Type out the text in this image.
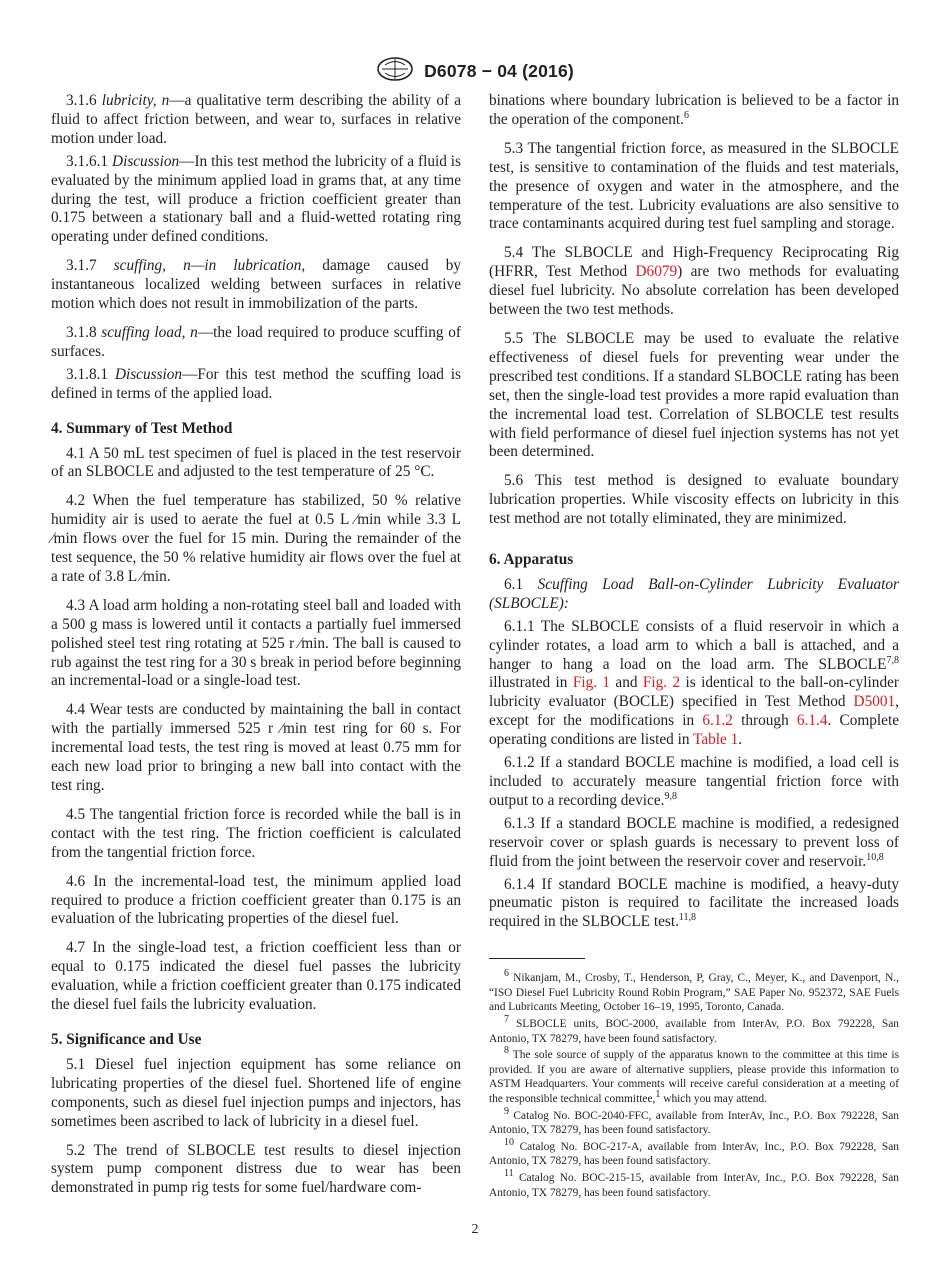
D6078 − 04 (2016)

3.1.6 lubricity, n—a qualitative term describing the ability of a fluid to affect friction between, and wear to, surfaces in relative motion under load.

3.1.6.1 Discussion—In this test method the lubricity of a fluid is evaluated by the minimum applied load in grams that, at any time during the test, will produce a friction coefficient greater than 0.175 between a stationary ball and a fluid-wetted rotating ring operating under defined conditions.

3.1.7 scuffing, n—in lubrication, damage caused by instantaneous localized welding between surfaces in relative motion which does not result in immobilization of the parts.

3.1.8 scuffing load, n—the load required to produce scuffing of surfaces.

3.1.8.1 Discussion—For this test method the scuffing load is defined in terms of the applied load.

4. Summary of Test Method

4.1 A 50 mL test specimen of fuel is placed in the test reservoir of an SLBOCLE and adjusted to the test temperature of 25 °C.

4.2 When the fuel temperature has stabilized, 50 % relative humidity air is used to aerate the fuel at 0.5 L ⁄min while 3.3 L ⁄min flows over the fuel for 15 min. During the remainder of the test sequence, the 50 % relative humidity air flows over the fuel at a rate of 3.8 L ⁄min.

4.3 A load arm holding a non-rotating steel ball and loaded with a 500 g mass is lowered until it contacts a partially fuel immersed polished steel test ring rotating at 525 r ⁄min. The ball is caused to rub against the test ring for a 30 s break in period before beginning an incremental-load or a single-load test.

4.4 Wear tests are conducted by maintaining the ball in contact with the partially immersed 525 r ⁄min test ring for 60 s. For incremental load tests, the test ring is moved at least 0.75 mm for each new load prior to bringing a new ball into contact with the test ring.

4.5 The tangential friction force is recorded while the ball is in contact with the test ring. The friction coefficient is calculated from the tangential friction force.

4.6 In the incremental-load test, the minimum applied load required to produce a friction coefficient greater than 0.175 is an evaluation of the lubricating properties of the diesel fuel.

4.7 In the single-load test, a friction coefficient less than or equal to 0.175 indicated the diesel fuel passes the lubricity evaluation, while a friction coefficient greater than 0.175 indicated the diesel fuel fails the lubricity evaluation.

5. Significance and Use

5.1 Diesel fuel injection equipment has some reliance on lubricating properties of the diesel fuel. Shortened life of engine components, such as diesel fuel injection pumps and injectors, has sometimes been ascribed to lack of lubricity in a diesel fuel.

5.2 The trend of SLBOCLE test results to diesel injection system pump component distress due to wear has been demonstrated in pump rig tests for some fuel/hardware com-

binations where boundary lubrication is believed to be a factor in the operation of the component.$^6$

5.3 The tangential friction force, as measured in the SLBOCLE test, is sensitive to contamination of the fluids and test materials, the presence of oxygen and water in the atmosphere, and the temperature of the test. Lubricity evaluations are also sensitive to trace contaminants acquired during test fuel sampling and storage.

5.4 The SLBOCLE and High-Frequency Reciprocating Rig (HFRR, Test Method D6079) are two methods for evaluating diesel fuel lubricity. No absolute correlation has been developed between the two test methods.

5.5 The SLBOCLE may be used to evaluate the relative effectiveness of diesel fuels for preventing wear under the prescribed test conditions. If a standard SLBOCLE rating has been set, then the single-load test provides a more rapid evaluation than the incremental load test. Correlation of SLBOCLE test results with field performance of diesel fuel injection systems has not yet been determined.

5.6 This test method is designed to evaluate boundary lubrication properties. While viscosity effects on lubricity in this test method are not totally eliminated, they are minimized.

6. Apparatus

6.1 Scuffing Load Ball-on-Cylinder Lubricity Evaluator (SLBOCLE):

6.1.1 The SLBOCLE consists of a fluid reservoir in which a cylinder rotates, a load arm to which a ball is attached, and a hanger to hang a load on the load arm. The SLBOCLE$^{7,8}$ illustrated in Fig. 1 and Fig. 2 is identical to the ball-on-cylinder lubricity evaluator (BOCLE) specified in Test Method D5001, except for the modifications in 6.1.2 through 6.1.4. Complete operating conditions are listed in Table 1.

6.1.2 If a standard BOCLE machine is modified, a load cell is included to accurately measure tangential friction force with output to a recording device.$^{9,8}$

6.1.3 If a standard BOCLE machine is modified, a redesigned reservoir cover or splash guards is necessary to prevent loss of fluid from the joint between the reservoir cover and reservoir.$^{10,8}$

6.1.4 If standard BOCLE machine is modified, a heavy-duty pneumatic piston is required to facilitate the increased loads required in the SLBOCLE test.$^{11,8}$

$^6$ Nikanjam, M., Crosby, T., Henderson, P, Gray, C., Meyer, K., and Davenport, N., “ISO Diesel Fuel Lubricity Round Robin Program,” SAE Paper No. 952372, SAE Fuels and Lubricants Meeting, October 16–19, 1995, Toronto, Canada.

$^7$ SLBOCLE units, BOC-2000, available from InterAv, P.O. Box 792228, San Antonio, TX 78279, have been found satisfactory.

$^8$ The sole source of supply of the apparatus known to the committee at this time is provided. If you are aware of alternative suppliers, please provide this information to ASTM Headquarters. Your comments will receive careful consideration at a meeting of the responsible technical committee,$^1$ which you may attend.

$^9$ Catalog No. BOC-2040-FFC, available from InterAv, Inc., P.O. Box 792228, San Antonio, TX 78279, has been found satisfactory.

$^{10}$ Catalog No. BOC-217-A, available from InterAv, Inc., P.O. Box 792228, San Antonio, TX 78279, has been found satisfactory.

$^{11}$ Catalog No. BOC-215-15, available from InterAv, Inc., P.O. Box 792228, San Antonio, TX 78279, has been found satisfactory.

2
